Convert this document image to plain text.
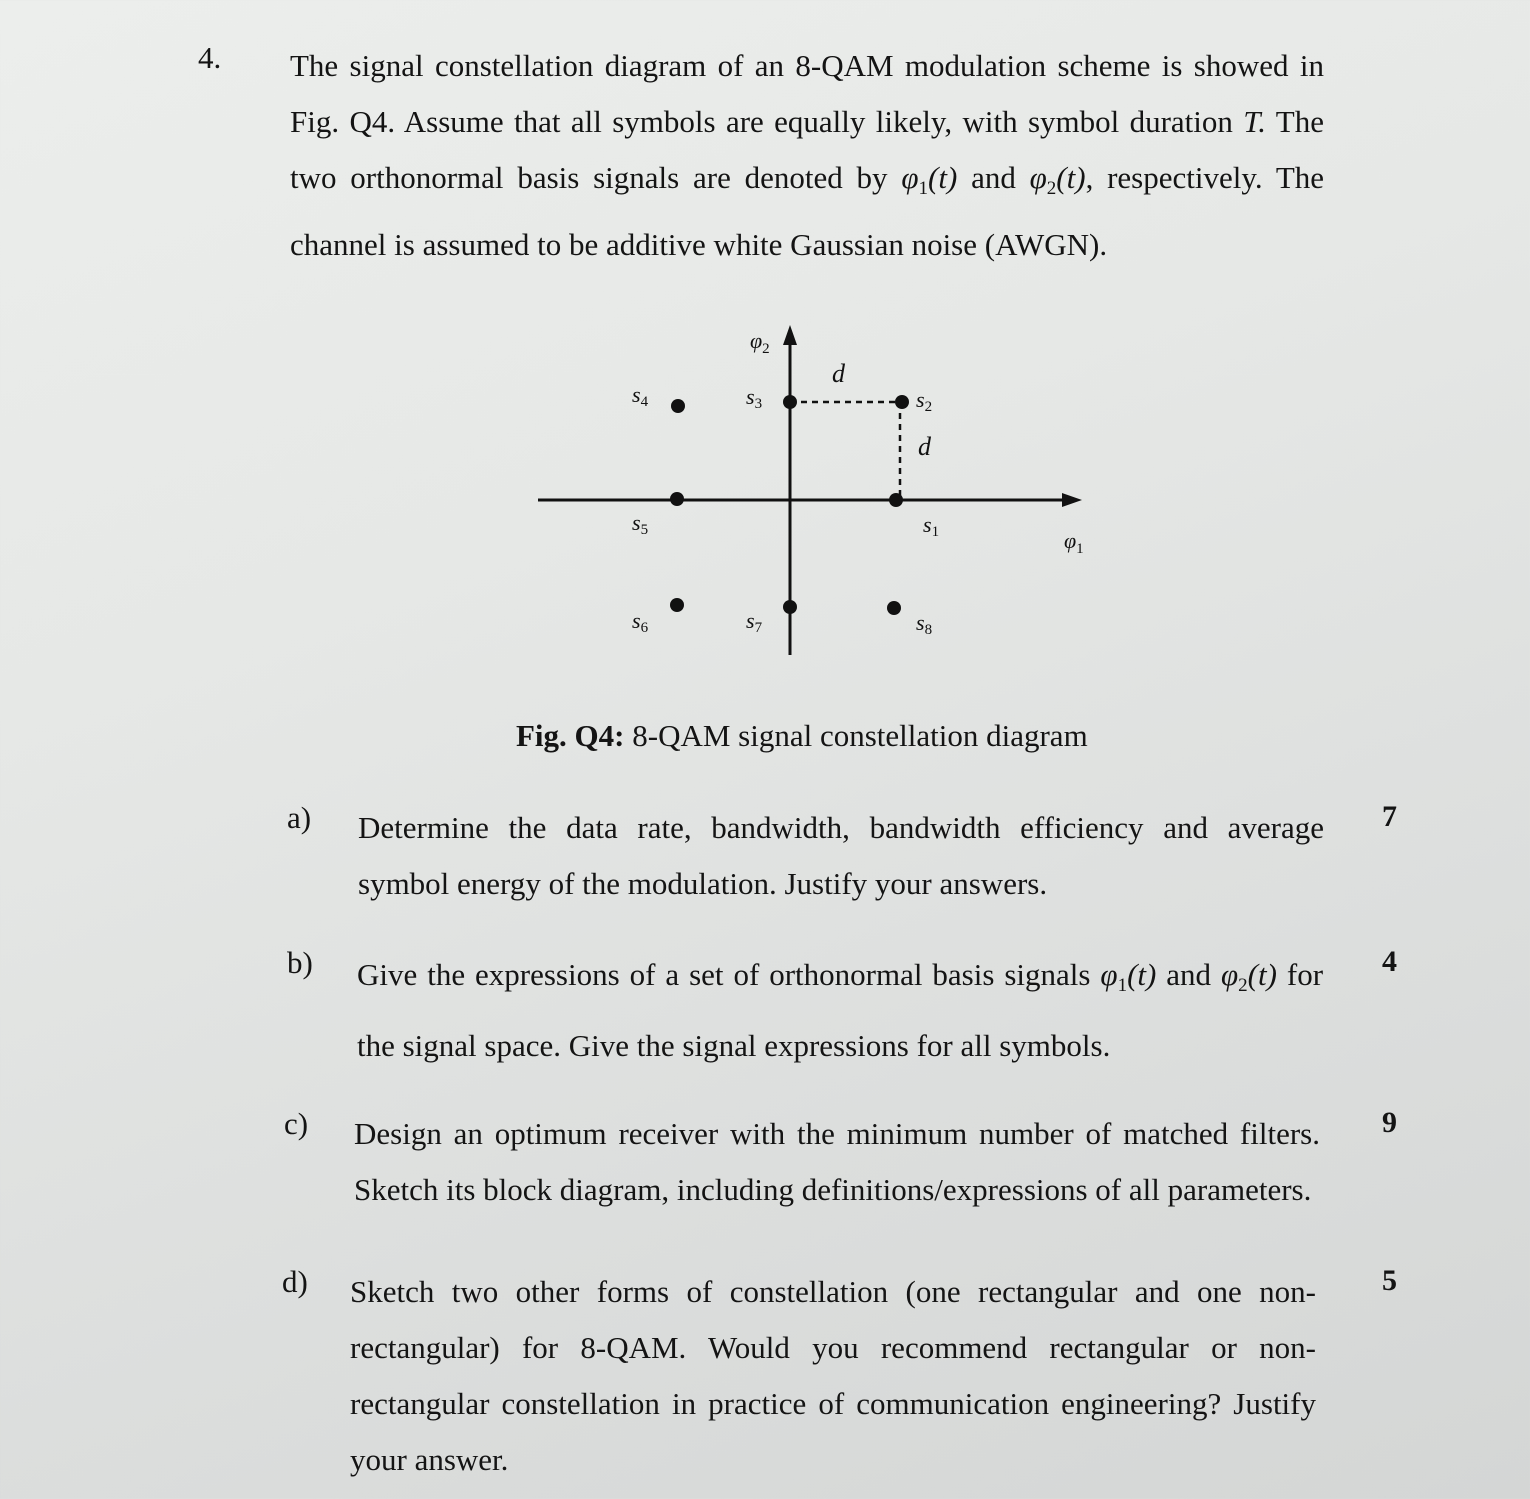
4. The signal constellation diagram of an 8-QAM modulation scheme is showed in
Fig. Q4. Assume that all symbols are equally likely, with symbol duration T. The
two orthonormal basis signals are denoted by $\varphi_1(t)$ and $\varphi_2(t)$, respectively. The
channel is assumed to be additive white Gaussian noise (AWGN).
$\varphi_2$
$\varphi_1$
d
d
s1
s2
s3
s4
s5
s6	s7	s8
Fig. Q4: 8-QAM signal constellation diagram
a) Determine the data rate, bandwidth, bandwidth efficiency and average
symbol energy of the modulation. Justify your answers.
7
b) Give the expressions of a set of orthonormal basis signals $\varphi_1(t)$ and $\varphi_2(t)$ for
the signal space. Give the signal expressions for all symbols.
4
c) Design an optimum receiver with the minimum number of matched filters.
Sketch its block diagram, including definitions/expressions of all parameters.
9
d) Sketch two other forms of constellation (one rectangular and one non-
rectangular) for 8-QAM. Would you recommend rectangular or non-
rectangular constellation in practice of communication engineering? Justify
your answer.
5
